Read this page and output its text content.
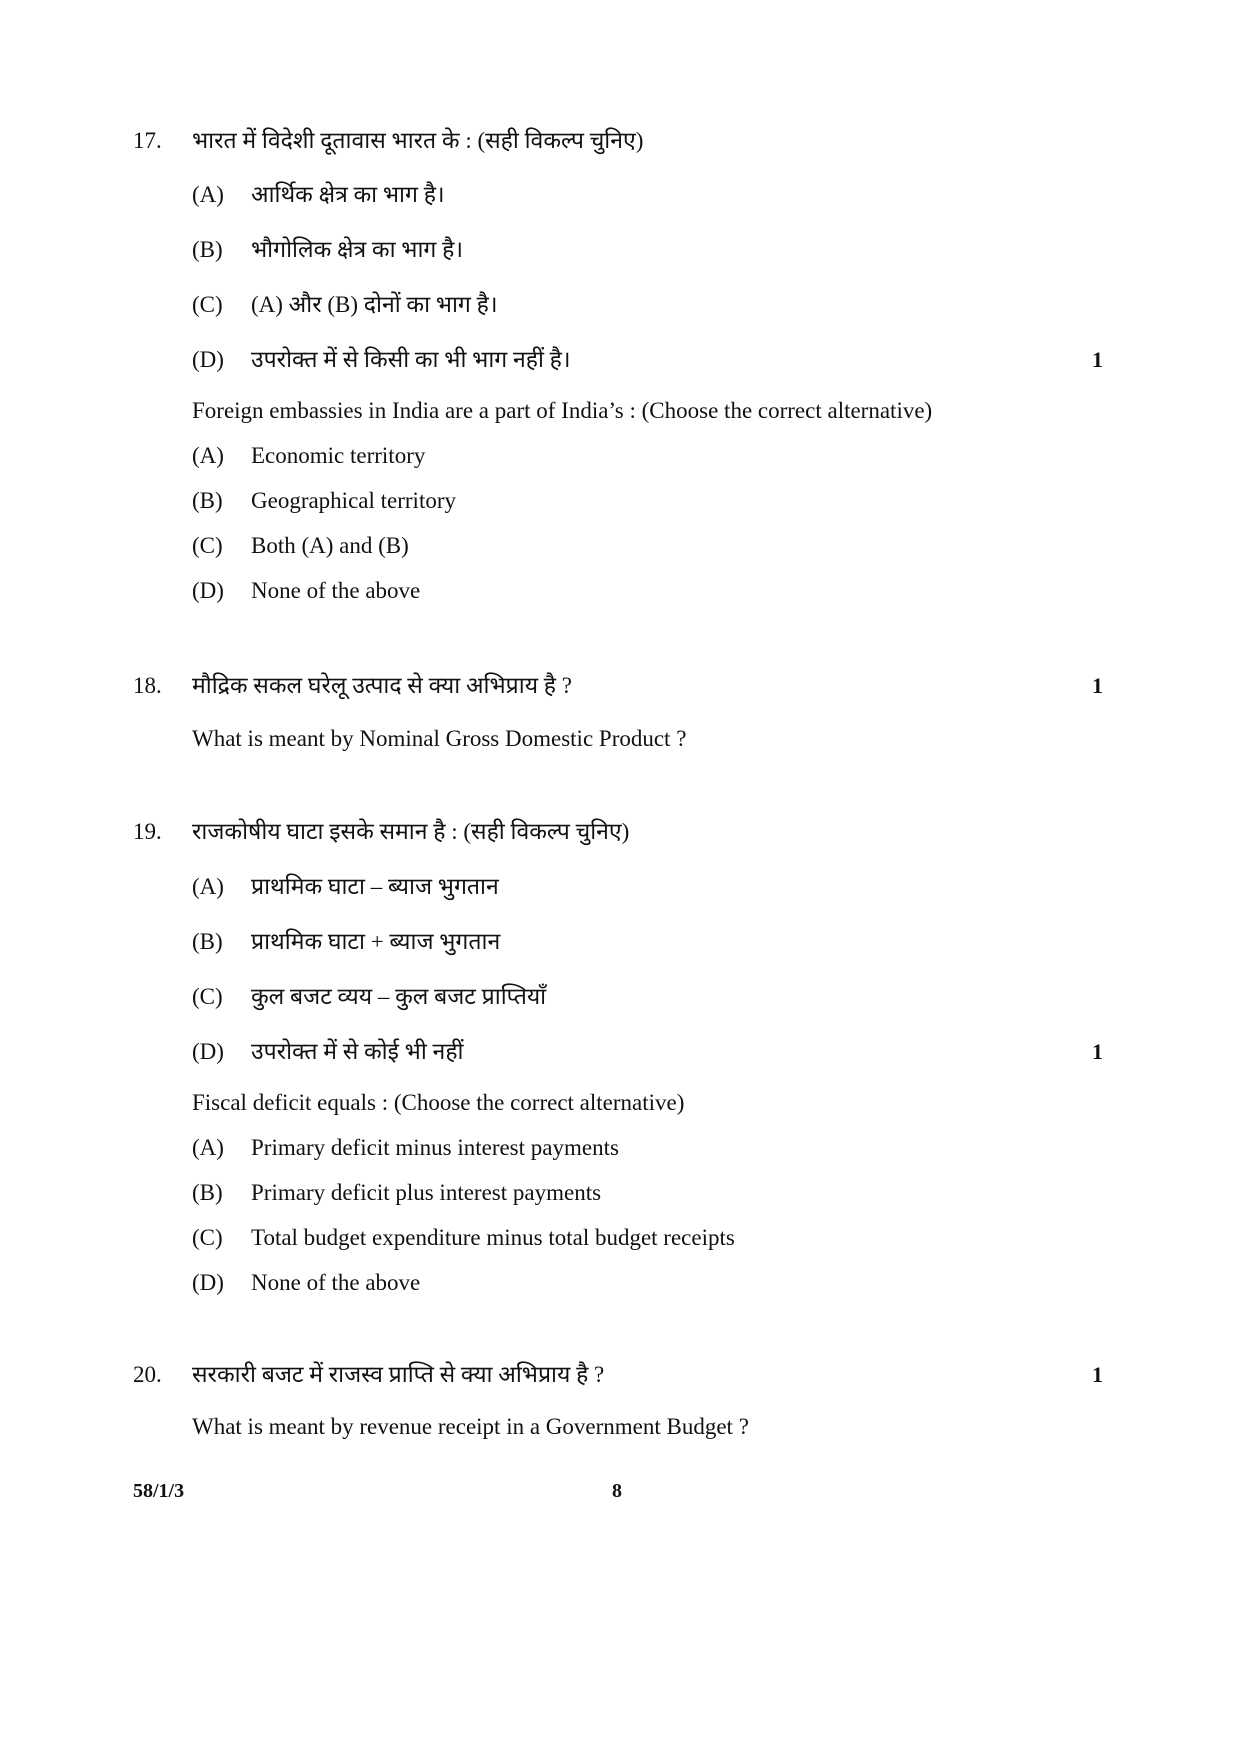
17. भारत में विदेशी दूतावास भारत के : (सही विकल्प चुनिए)
(A) आर्थिक क्षेत्र का भाग है।
(B) भौगोलिक क्षेत्र का भाग है।
(C) (A) और (B) दोनों का भाग है।
(D) उपरोक्त में से किसी का भी भाग नहीं है।	1
Foreign embassies in India are a part of India’s : (Choose the correct alternative)
(A) Economic territory
(B) Geographical territory
(C) Both (A) and (B)
(D) None of the above
18. मौद्रिक सकल घरेलू उत्पाद से क्या अभिप्राय है ?	1
What is meant by Nominal Gross Domestic Product ?
19. राजकोषीय घाटा इसके समान है : (सही विकल्प चुनिए)
(A) प्राथमिक घाटा – ब्याज भुगतान
(B) प्राथमिक घाटा + ब्याज भुगतान
(C) कुल बजट व्यय – कुल बजट प्राप्तियाँ
(D) उपरोक्त में से कोई भी नहीं	1
Fiscal deficit equals : (Choose the correct alternative)
(A) Primary deficit minus interest payments
(B) Primary deficit plus interest payments
(C) Total budget expenditure minus total budget receipts
(D) None of the above
20. सरकारी बजट में राजस्व प्राप्ति से क्या अभिप्राय है ?	1
What is meant by revenue receipt in a Government Budget ?
58/1/3	8
